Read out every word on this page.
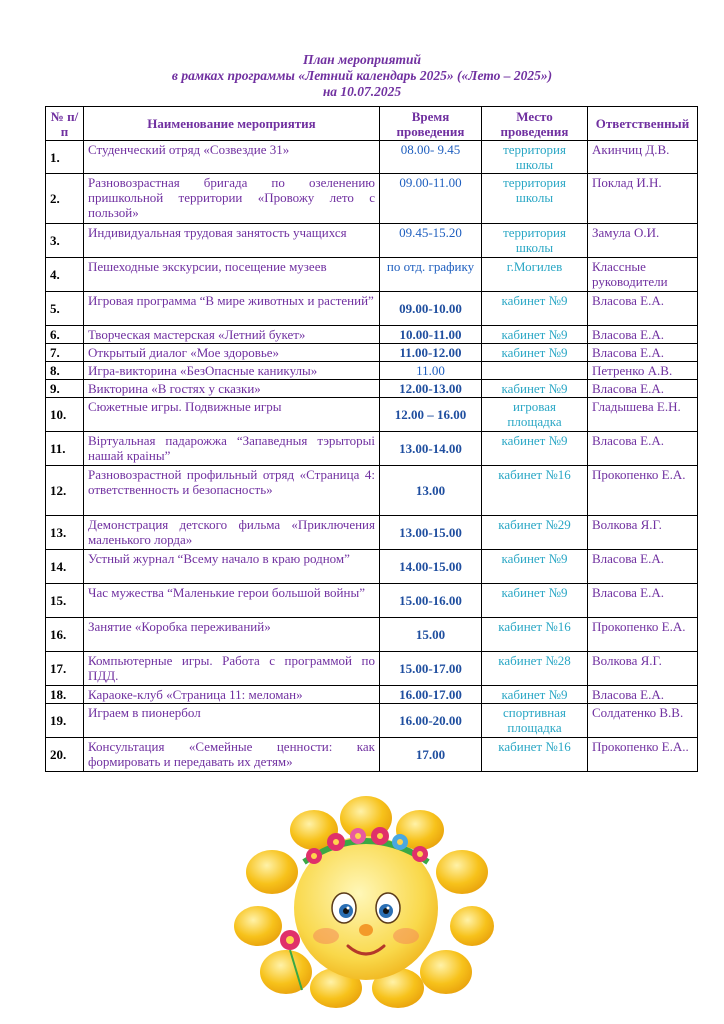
План мероприятий
в рамках программы «Летний календарь 2025» («Лето – 2025»)
на 10.07.2025
№ п/п	Наименование мероприятия	Время проведения	Место проведения	Ответственный
1.	Студенческий отряд «Созвездие 31»	08.00- 9.45	территория школы	Акинчиц Д.В.
2.	Разновозрастная бригада по озеленению пришкольной территории «Провожу лето с пользой»	09.00-11.00	территория школы	Поклад И.Н.
3.	Индивидуальная трудовая занятость учащихся	09.45-15.20	территория школы	Замула О.И.
4.	Пешеходные экскурсии, посещение музеев	по отд. графику	г.Могилев	Классные руководители
5.	Игровая программа “В мире животных и растений”	09.00-10.00	кабинет №9	Власова Е.А.
6.	Творческая мастерская «Летний букет»	10.00-11.00	кабинет №9	Власова Е.А.
7.	Открытый диалог «Мое здоровье»	11.00-12.00	кабинет №9	Власова Е.А.
8.	Игра-викторина «БезОпасные каникулы»	11.00		Петренко А.В.
9.	Викторина «В гостях у сказки»	12.00-13.00	кабинет №9	Власова Е.А.
10.	Сюжетные игры. Подвижные игры	12.00 – 16.00	игровая площадка	Гладышева Е.Н.
11.	Віртуальная падарожжа “Запаведныя тэрыторыі нашай краіны”	13.00-14.00	кабинет №9	Власова Е.А.
12.	Разновозрастной профильный отряд «Страница 4: ответственность и безопасность»	13.00	кабинет №16	Прокопенко Е.А.
13.	Демонстрация детского фильма «Приключения маленького лорда»	13.00-15.00	кабинет №29	Волкова Я.Г.
14.	Устный журнал “Всему начало в краю родном”	14.00-15.00	кабинет №9	Власова Е.А.
15.	Час мужества “Маленькие герои большой войны”	15.00-16.00	кабинет №9	Власова Е.А.
16.	Занятие «Коробка переживаний»	15.00	кабинет №16	Прокопенко Е.А.
17.	Компьютерные игры. Работа с программой по ПДД.	15.00-17.00	кабинет №28	Волкова Я.Г.
18.	Караоке-клуб «Страница 11: меломан»	16.00-17.00	кабинет №9	Власова Е.А.
19.	Играем в пионербол	16.00-20.00	спортивная площадка	Солдатенко В.В.
20.	Консультация «Семейные ценности: как формировать и передавать их детям»	17.00	кабинет №16	Прокопенко Е.А..
